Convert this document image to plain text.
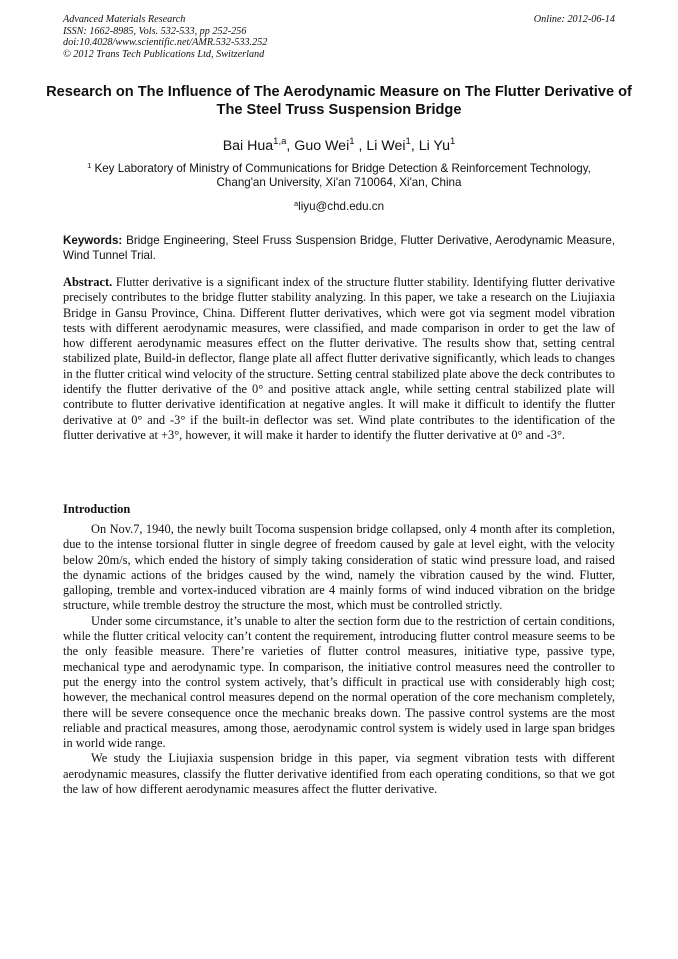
Advanced Materials Research
ISSN: 1662-8985, Vols. 532-533, pp 252-256
doi:10.4028/www.scientific.net/AMR.532-533.252
© 2012 Trans Tech Publications Ltd, Switzerland
Online: 2012-06-14
Research on The Influence of The Aerodynamic Measure on The Flutter Derivative of The Steel Truss Suspension Bridge
Bai Hua$^{1,a}$, Guo Wei$^1$ , Li Wei$^1$, Li Yu$^1$
$^1$ Key Laboratory of Ministry of Communications for Bridge Detection & Reinforcement Technology, Chang'an University, Xi'an 710064, Xi'an, China
$^a$liyu@chd.edu.cn
Keywords: Bridge Engineering, Steel Fruss Suspension Bridge, Flutter Derivative, Aerodynamic Measure, Wind Tunnel Trial.
Abstract. Flutter derivative is a significant index of the structure flutter stability. Identifying flutter derivative precisely contributes to the bridge flutter stability analyzing. In this paper, we take a research on the Liujiaxia Bridge in Gansu Province, China. Different flutter derivatives, which were got via segment model vibration tests with different aerodynamic measures, were classified, and made comparison in order to get the law of how different aerodynamic measures effect on the flutter derivative. The results show that, setting central stabilized plate, Build-in deflector, flange plate all affect flutter derivative significantly, which leads to changes in the flutter critical wind velocity of the structure. Setting central stabilized plate above the deck contributes to identify the flutter derivative of the 0° and positive attack angle, while setting central stabilized plate will contribute to flutter derivative identification at negative angles. It will make it difficult to identify the flutter derivative at 0° and -3° if the built-in deflector was set. Wind plate contributes to the identification of the flutter derivative at +3°, however, it will make it harder to identify the flutter derivative at 0° and -3°.
Introduction

On Nov.7, 1940, the newly built Tocoma suspension bridge collapsed, only 4 month after its completion, due to the intense torsional flutter in single degree of freedom caused by gale at level eight, with the velocity below 20m/s, which ended the history of simply taking consideration of static wind pressure load, and raised the dynamic actions of the bridges caused by the wind, namely the vibration caused by the wind. Flutter, galloping, tremble and vortex-induced vibration are 4 mainly forms of wind induced vibration on the bridge structure, while tremble destroy the structure the most, which must be controlled strictly.

Under some circumstance, it’s unable to alter the section form due to the restriction of certain conditions, while the flutter critical velocity can’t content the requirement, introducing flutter control measure seems to be the only feasible measure. There’re varieties of flutter control measures, initiative type, passive type, mechanical type and aerodynamic type. In comparison, the initiative control measures need the controller to put the energy into the control system actively, that’s difficult in practical use with considerably high cost; however, the mechanical control measures depend on the normal operation of the core mechanism completely, there will be severe consequence once the mechanic breaks down. The passive control systems are the most reliable and practical measures, among those, aerodynamic control system is widely used in large span bridges in world wide range.

We study the Liujiaxia suspension bridge in this paper, via segment vibration tests with different aerodynamic measures, classify the flutter derivative identified from each operating conditions, so that we got the law of how different aerodynamic measures affect the flutter derivative.
